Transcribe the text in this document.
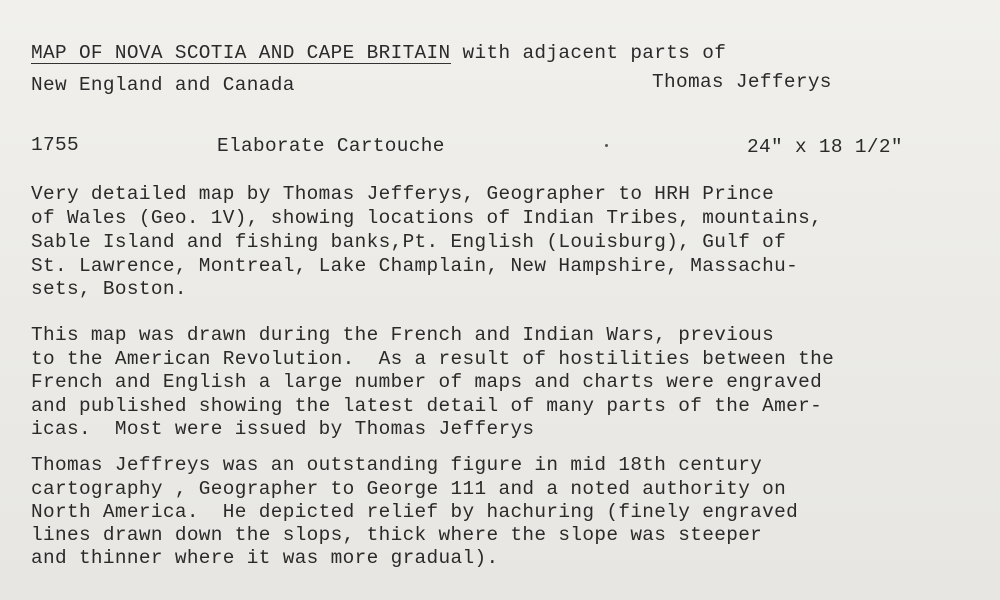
MAP OF NOVA SCOTIA AND CAPE BRITAIN with adjacent parts of
New England and Canada	Thomas Jefferys
1755	Elaborate Cartouche	24" x 18 1/2"
Very detailed map by Thomas Jefferys, Geographer to HRH Prince
of Wales (Geo. 1V), showing locations of Indian Tribes, mountains,
Sable Island and fishing banks,Pt. English (Louisburg), Gulf of
St. Lawrence, Montreal, Lake Champlain, New Hampshire, Massachu-
sets, Boston.
This map was drawn during the French and Indian Wars, previous
to the American Revolution.  As a result of hostilities between the
French and English a large number of maps and charts were engraved
and published showing the latest detail of many parts of the Amer-
icas.  Most were issued by Thomas Jefferys
Thomas Jeffreys was an outstanding figure in mid 18th century
cartography , Geographer to George 111 and a noted authority on
North America.  He depicted relief by hachuring (finely engraved
lines drawn down the slops, thick where the slope was steeper
and thinner where it was more gradual).
